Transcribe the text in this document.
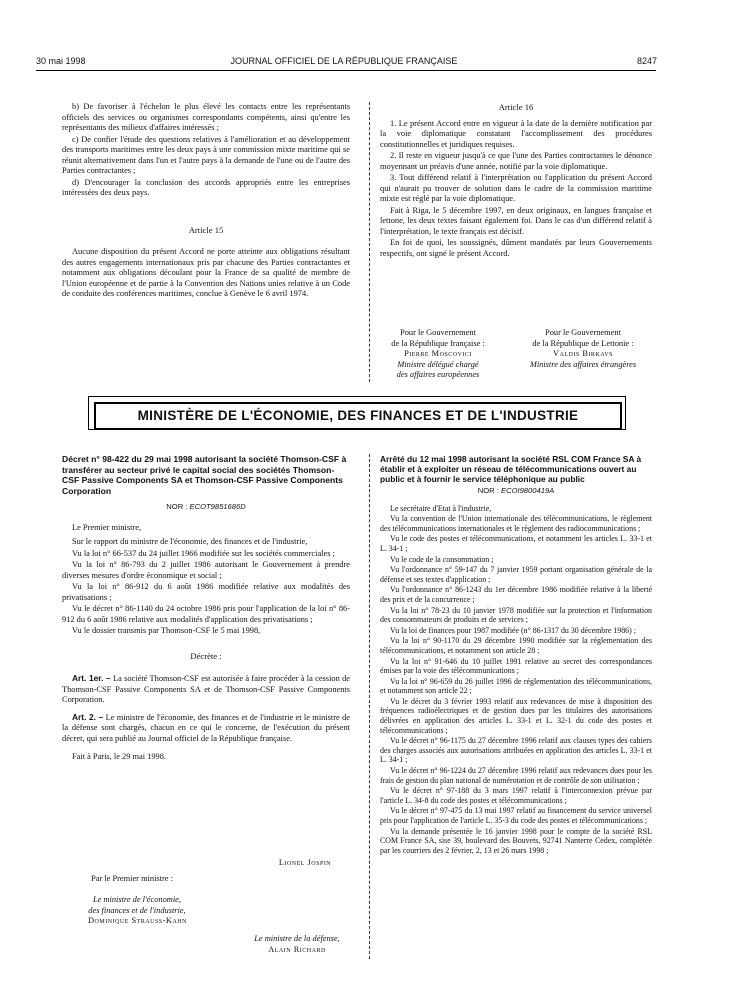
30 mai 1998	JOURNAL OFFICIEL DE LA RÉPUBLIQUE FRANÇAISE	8247

b) De favoriser à l'échelon le plus élevé les contacts entre les représentants officiels des services ou organismes correspondants compétents, ainsi qu'entre les représentants des milieux d'affaires intéressés ;

c) De confier l'étude des questions relatives à l'amélioration et au développement des transports maritimes entre les deux pays à une commission mixte maritime qui se réunit alternativement dans l'un et l'autre pays à la demande de l'une ou de l'autre des Parties contractantes ;

d) D'encourager la conclusion des accords appropriés entre les entreprises intéressées des deux pays.

Article 15

Aucune disposition du présent Accord ne porte atteinte aux obligations résultant des autres engagements internationaux pris par chacune des Parties contractantes et notamment aux obligations découlant pour la France de sa qualité de membre de l'Union européenne et de partie à la Convention des Nations unies relative à un Code de conduite des conférences maritimes, conclue à Genève le 6 avril 1974.

Article 16

1. Le présent Accord entre en vigueur à la date de la dernière notification par la voie diplomatique constatant l'accomplissement des procédures constitutionnelles et juridiques requises.

2. Il reste en vigueur jusqu'à ce que l'une des Parties contractantes le dénonce moyennant un préavis d'une année, notifié par la voie diplomatique.

3. Tout différend relatif à l'interprétation ou l'application du présent Accord qui n'aurait pu trouver de solution dans le cadre de la commission maritime mixte est réglé par la voie diplomatique.

Fait à Riga, le 5 décembre 1997, en deux originaux, en langues française et lettone, les deux textes faisant également foi. Dans le cas d'un différend relatif à l'interprétation, le texte français est décisif.

En foi de quoi, les soussignés, dûment mandatés par leurs Gouvernements respectifs, ont signé le présent Accord.

Pour le Gouvernement
de la République française :
Pierre Moscovici
Ministre délégué chargé
des affaires européennes
Pour le Gouvernement
de la République de Lettonie :
Valdis Birkavs
Ministre des affaires étrangères
MINISTÈRE DE L'ÉCONOMIE, DES FINANCES ET DE L'INDUSTRIE

Décret n° 98-422 du 29 mai 1998 autorisant la société Thomson-CSF à transférer au secteur privé le capital social des sociétés Thomson-CSF Passive Components SA et Thomson-CSF Passive Components Corporation

NOR : ECOT9851686D

Le Premier ministre,

Sur le rapport du ministre de l'économie, des finances et de l'industrie,

Vu la loi n° 66-537 du 24 juillet 1966 modifiée sur les sociétés commerciales ;

Vu la loi n° 86-793 du 2 juillet 1986 autorisant le Gouvernement à prendre diverses mesures d'ordre économique et social ;

Vu la loi n° 86-912 du 6 août 1986 modifiée relative aux modalités des privatisations ;

Vu le décret n° 86-1140 du 24 octobre 1986 pris pour l'application de la loi n° 86-912 du 6 août 1986 relative aux modalités d'application des privatisations ;

Vu le dossier transmis par Thomson-CSF le 5 mai 1998,

Décrète :

Art. 1er. – La société Thomson-CSF est autorisée à faire procéder à la cession de Thomson-CSF Passive Components SA et de Thomson-CSF Passive Components Corporation.

Art. 2. – Le ministre de l'économie, des finances et de l'industrie et le ministre de la défense sont chargés, chacun en ce qui le concerne, de l'exécution du présent décret, qui sera publié au Journal officiel de la République française.

Fait à Paris, le 29 mai 1998.

Lionel Jospin
Par le Premier ministre :
Le ministre de l'économie,
des finances et de l'industrie,
Dominique Strauss-Kahn
Le ministre de la défense,
Alain Richard

Arrêté du 12 mai 1998 autorisant la société RSL COM France SA à établir et à exploiter un réseau de télécommunications ouvert au public et à fournir le service téléphonique au public

NOR : ECOI9800419A

Le secrétaire d'Etat à l'industrie,

Vu la convention de l'Union internationale des télécommunications, le règlement des télécommunications internationales et le règlement des radiocommunications ;

Vu le code des postes et télécommunications, et notamment les articles L. 33-1 et L. 34-1 ;

Vu le code de la consommation ;

Vu l'ordonnance n° 59-147 du 7 janvier 1959 portant organisation générale de la défense et ses textes d'application ;

Vu l'ordonnance n° 86-1243 du 1er décembre 1986 modifiée relative à la liberté des prix et de la concurrence ;

Vu la loi n° 78-23 du 10 janvier 1978 modifiée sur la protection et l'information des consommateurs de produits et de services ;

Vu la loi de finances pour 1987 modifiée (n° 86-1317 du 30 décembre 1986) ;

Vu la loi n° 90-1170 du 29 décembre 1990 modifiée sur la réglementation des télécommunications, et notamment son article 28 ;

Vu la loi n° 91-646 du 10 juillet 1991 relative au secret des correspondances émises par la voie des télécommunications ;

Vu la loi n° 96-659 du 26 juillet 1996 de réglementation des télécommunications, et notamment son article 22 ;

Vu le décret du 3 février 1993 relatif aux redevances de mise à disposition des fréquences radioélectriques et de gestion dues par les titulaires des autorisations délivrées en application des articles L. 33-1 et L. 32-1 du code des postes et télécommunications ;

Vu le décret n° 96-1175 du 27 décembre 1996 relatif aux clauses types des cahiers des charges associés aux autorisations attribuées en application des articles L. 33-1 et L. 34-1 ;

Vu le décret n° 96-1224 du 27 décembre 1996 relatif aux redevances dues pour les frais de gestion du plan national de numérotation et de contrôle de son utilisation ;

Vu le décret n° 97-188 du 3 mars 1997 relatif à l'interconnexion prévue par l'article L. 34-8 du code des postes et télécommunications ;

Vu le décret n° 97-475 du 13 mai 1997 relatif au financement du service universel pris pour l'application de l'article L. 35-3 du code des postes et télécommunications ;

Vu la demande présentée le 16 janvier 1998 pour le compte de la société RSL COM France SA, sise 39, boulevard des Bouvets, 92741 Nanterre Cedex, complétée par les courriers des 2 février, 2, 13 et 26 mars 1998 ;
